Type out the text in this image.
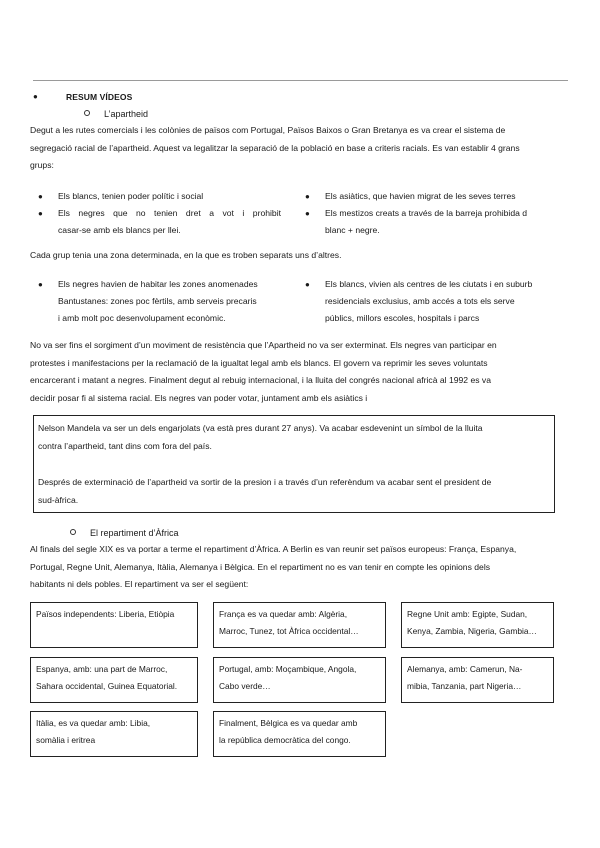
●	RESUM VÍDEOS
L’apartheid
Degut a les rutes comercials i les colònies de països com Portugal, Països Baixos o Gran Bretanya es va crear el sistema de
segregació racial de l’apartheid. Aquest va legalitzar la separació de la població en base a criteris racials. Es van establir 4 grans
grups:
● Els blancs, tenien poder polític i social
● Els negres que no tenien dret a vot i prohibit
casar-se amb els blancs per llei.
● Els asiàtics, que havien migrat de les seves terres
● Els mestizos creats a través de la barreja prohibida d
blanc + negre.
Cada grup tenia una zona determinada, en la que es troben separats uns d’altres.
● Els negres havien de habitar les zones anomenades
Bantustanes: zones poc fèrtils, amb serveis precaris
i amb molt poc desenvolupament econòmic.
● Els blancs, vivien als centres de les ciutats i en suburb
residencials exclusius, amb accés a tots els serve
públics, millors escoles, hospitals i parcs
No va ser fins el sorgiment d’un moviment de resistència que l’Apartheid no va ser exterminat. Els negres van participar en
protestes i manifestacions per la reclamació de la igualtat legal amb els blancs. El govern va reprimir les seves voluntats
encarcerant i matant a negres. Finalment degut al rebuig internacional, i la lluita del congrés nacional africà al 1992 es va
decidir posar fi al sistema racial. Els negres van poder votar, juntament amb els asiàtics i
Nelson Mandela va ser un dels engarjolats (va està pres durant 27 anys). Va acabar esdevenint un símbol de la lluita
contra l’apartheid, tant dins com fora del país.

Després de exterminació de l’apartheid va sortir de la presion i a través d’un referèndum va acabar sent el president de
sud-àfrica.
El repartiment d’Àfrica
Al finals del segle XIX es va portar a terme el repartiment d’Àfrica. A Berlin es van reunir set països europeus: França, Espanya,
Portugal, Regne Unit, Alemanya, Itàlia, Alemanya i Bèlgica. En el repartiment no es van tenir en compte les opinions dels
habitants ni dels pobles. El repartiment va ser el següent:
Països independents: Liberia, Etiòpia	França es va quedar amb: Algèria,
Marroc, Tunez, tot Àfrica occidental…
Regne Unit amb: Egipte, Sudan,
Kenya, Zambia, Nigeria, Gambia…
Espanya, amb: una part de Marroc,
Sahara occidental, Guinea Equatorial.
Portugal, amb: Moçambique, Angola,
Cabo verde…
Alemanya, amb: Camerun, Na-
mibia, Tanzania, part Nigeria…
Itàlia, es va quedar amb: Libia,
somàlia i eritrea
Finalment, Bèlgica es va quedar amb
la república democràtica del congo.
